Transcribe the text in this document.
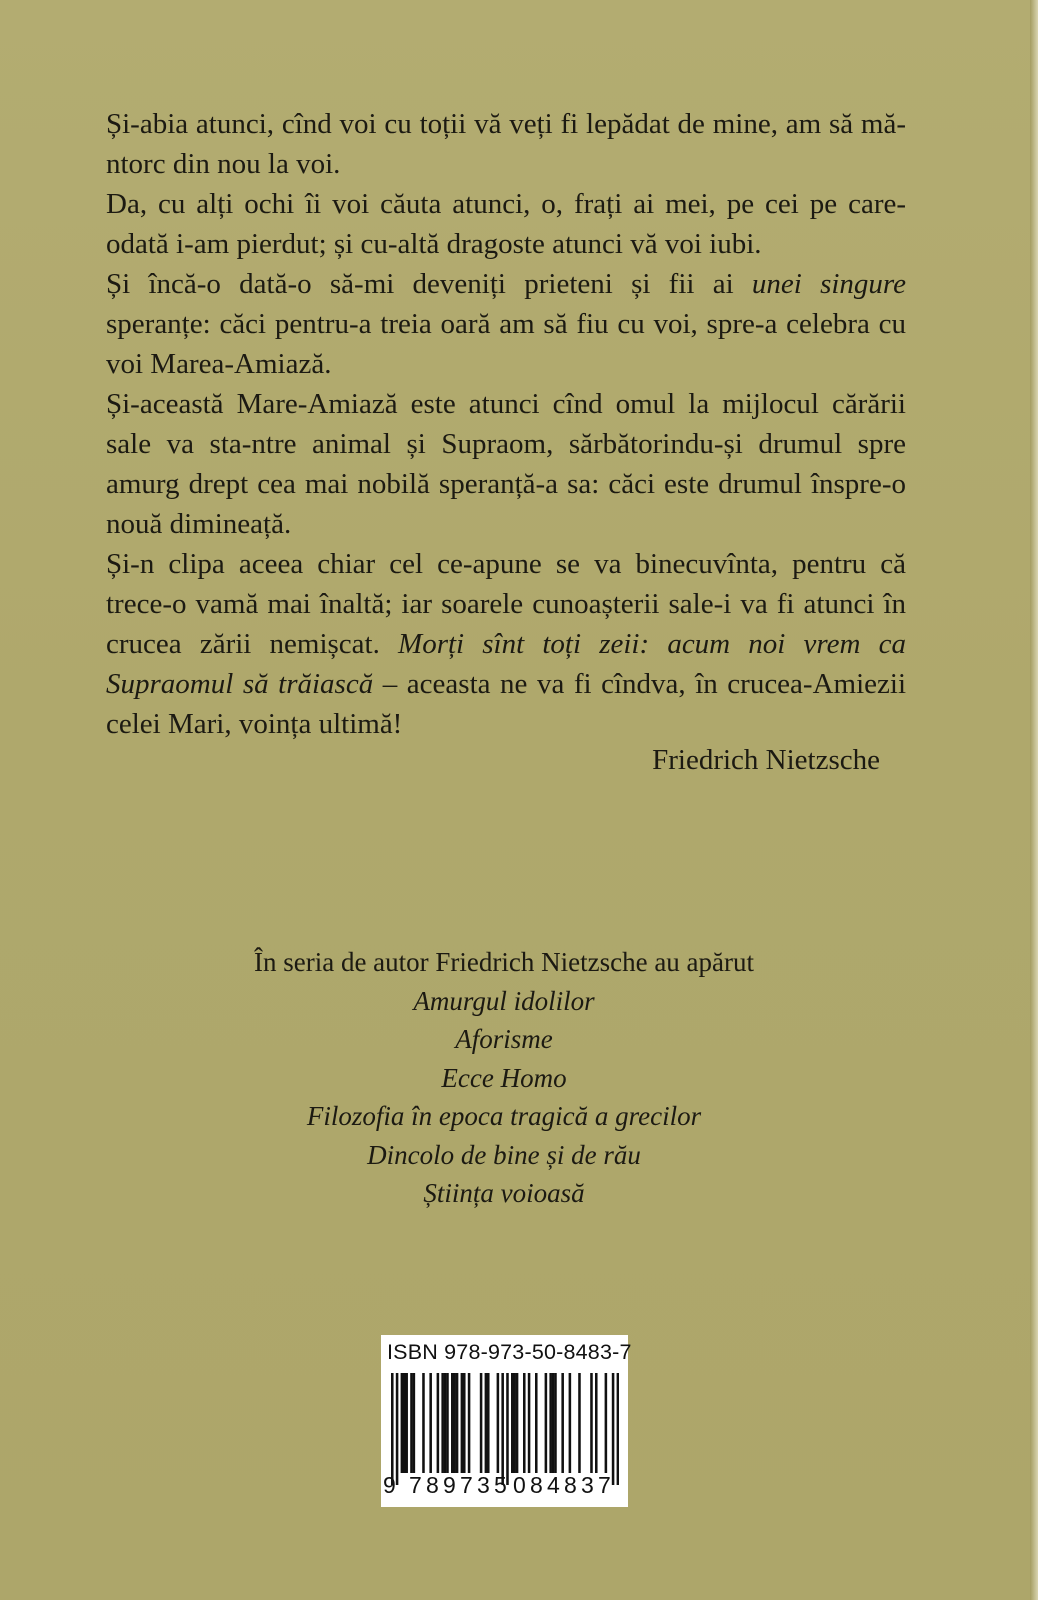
Și-abia atunci, cînd voi cu toții vă veți fi lepădat de mine, am să mă-ntorc din nou la voi.

Da, cu alți ochi îi voi căuta atunci, o, frați ai mei, pe cei pe care-odată i-am pierdut; și cu-altă dragoste atunci vă voi iubi.

Și încă-o dată-o să-mi deveniți prieteni și fii ai unei singure speranțe: căci pentru-a treia oară am să fiu cu voi, spre-a celebra cu voi Marea-Amiază.

Și-această Mare-Amiază este atunci cînd omul la mijlocul cărării sale va sta-ntre animal și Supraom, sărbătorindu-și drumul spre amurg drept cea mai nobilă speranță-a sa: căci este drumul înspre-o nouă dimineață.

Și-n clipa aceea chiar cel ce-apune se va binecuvînta, pentru că trece-o vamă mai înaltă; iar soarele cunoașterii sale-i va fi atunci în crucea zării nemișcat. Morți sînt toți zeii: acum noi vrem ca Supraomul să trăiască – aceasta ne va fi cîndva, în crucea-Amiezii celei Mari, voința ultimă!

Friedrich Nietzsche
În seria de autor Friedrich Nietzsche au apărut
Amurgul idolilor
Aforisme
Ecce Homo
Filozofia în epoca tragică a grecilor
Dincolo de bine și de rău
Știința voioasă
ISBN 978-973-50-8483-7
9 789735 084837
